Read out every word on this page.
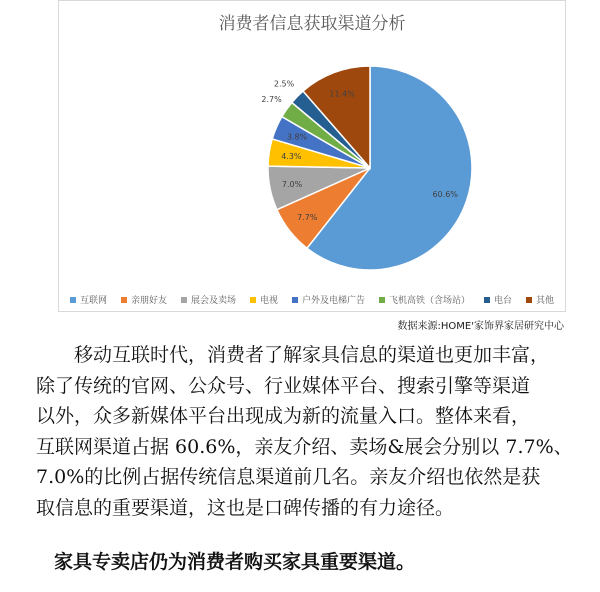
消费者信息获取渠道分析
60.6%
7.7%
7.0%
4.3%
3.8%
2.7%
2.5%
11.4%
互联网	亲朋好友	展会及卖场	电视	户外及电梯广告	飞机高铁（含场站）	电台	其他
数据来源:HOME'家饰界家居研究中心
移动互联时代，消费者了解家具信息的渠道也更加丰富，
除了传统的官网、公众号、行业媒体平台、搜索引擎等渠道
以外，众多新媒体平台出现成为新的流量入口。整体来看，
互联网渠道占据 60.6%，亲友介绍、卖场&展会分别以 7.7%、
7.0%的比例占据传统信息渠道前几名。亲友介绍也依然是获
取信息的重要渠道，这也是口碑传播的有力途径。
家具专卖店仍为消费者购买家具重要渠道。
